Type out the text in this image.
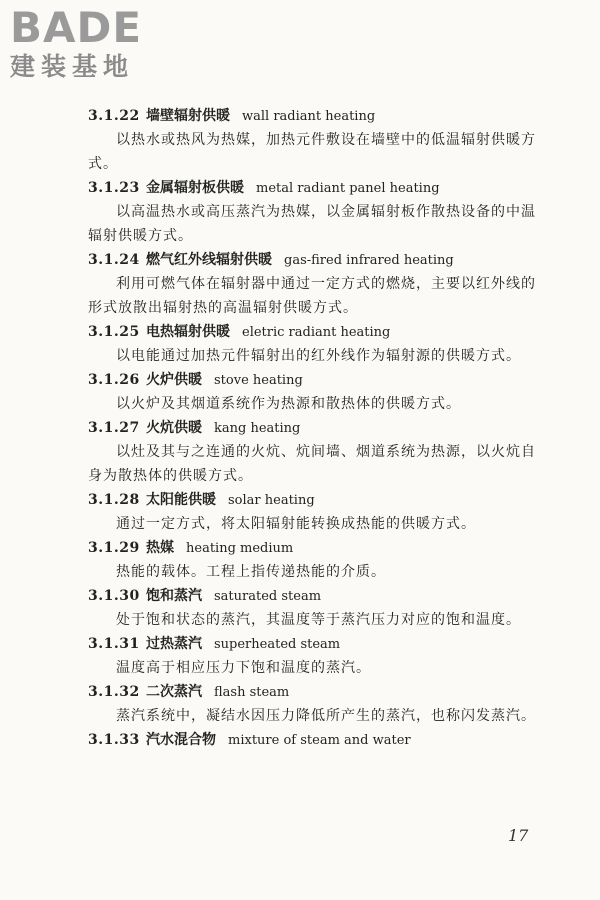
BADE
建装基地
3.1.22 墙壁辐射供暖 wall radiant heating
以热水或热风为热媒，加热元件敷设在墙壁中的低温辐射供暖方式。
3.1.23 金属辐射板供暖 metal radiant panel heating
以高温热水或高压蒸汽为热媒，以金属辐射板作散热设备的中温辐射供暖方式。
3.1.24 燃气红外线辐射供暖 gas-fired infrared heating
利用可燃气体在辐射器中通过一定方式的燃烧，主要以红外线的形式放散出辐射热的高温辐射供暖方式。
3.1.25 电热辐射供暖 eletric radiant heating
以电能通过加热元件辐射出的红外线作为辐射源的供暖方式。
3.1.26 火炉供暖 stove heating
以火炉及其烟道系统作为热源和散热体的供暖方式。
3.1.27 火炕供暖 kang heating
以灶及其与之连通的火炕、炕间墙、烟道系统为热源，以火炕自身为散热体的供暖方式。
3.1.28 太阳能供暖 solar heating
通过一定方式，将太阳辐射能转换成热能的供暖方式。
3.1.29 热媒 heating medium
热能的载体。工程上指传递热能的介质。
3.1.30 饱和蒸汽 saturated steam
处于饱和状态的蒸汽，其温度等于蒸汽压力对应的饱和温度。
3.1.31 过热蒸汽 superheated steam
温度高于相应压力下饱和温度的蒸汽。
3.1.32 二次蒸汽 flash steam
蒸汽系统中，凝结水因压力降低所产生的蒸汽，也称闪发蒸汽。
3.1.33 汽水混合物 mixture of steam and water
17
